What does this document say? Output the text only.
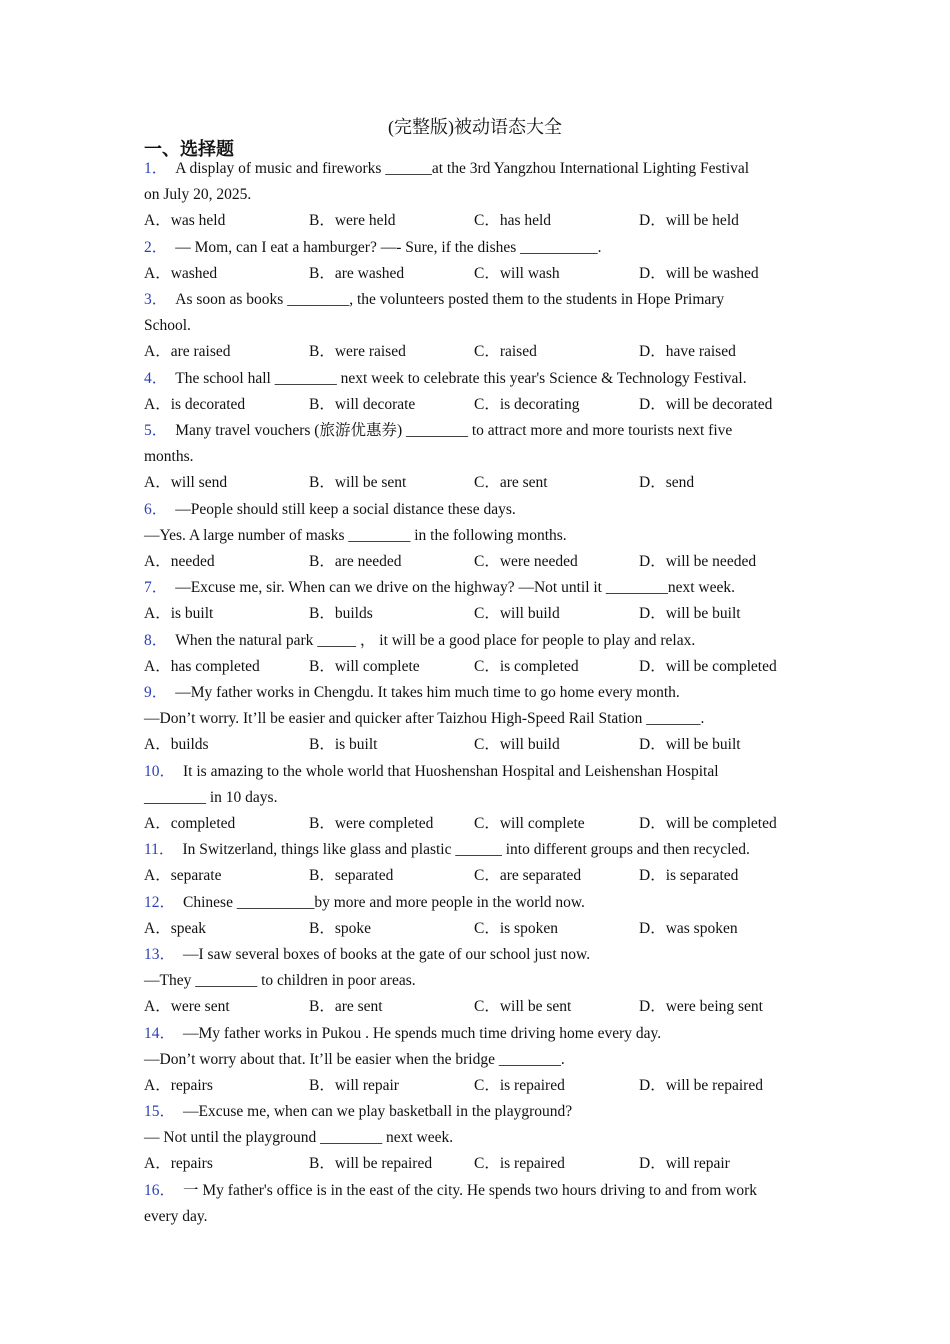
(完整版)被动语态大全
一、选择题
1． A display of music and fireworks ______at the 3rd Yangzhou International Lighting Festival
on July 20, 2025.
A．was held	B．were held	C．has held	D．will be held
2． — Mom, can I eat a hamburger? —- Sure, if the dishes __________.
A．washed	B．are washed	C．will wash	D．will be washed
3． As soon as books ________, the volunteers posted them to the students in Hope Primary
School.
A．are raised	B．were raised	C．raised	D．have raised
4． The school hall ________ next week to celebrate this year's Science & Technology Festival.
A．is decorated	B．will decorate	C．is decorating	D．will be decorated
5． Many travel vouchers (旅游优惠券) ________ to attract more and more tourists next five
months.
A．will send	B．will be sent	C．are sent	D．send
6． —People should still keep a social distance these days.
—Yes. A large number of masks ________ in the following months.
A．needed	B．are needed	C．were needed	D．will be needed
7． —Excuse me, sir. When can we drive on the highway? —Not until it ________next week.
A．is built	B．builds	C．will build	D．will be built
8． When the natural park _____ ， it will be a good place for people to play and relax.
A．has completed	B．will complete	C．is completed	D．will be completed
9． —My father works in Chengdu. It takes him much time to go home every month.
—Don’t worry. It’ll be easier and quicker after Taizhou High-Speed Rail Station _______.
A．builds	B．is built	C．will build	D．will be built
10． It is amazing to the whole world that Huoshenshan Hospital and Leishenshan Hospital
________ in 10 days.
A．completed	B．were completed	C．will complete	D．will be completed
11． In Switzerland, things like glass and plastic ______ into different groups and then recycled.
A．separate	B．separated	C．are separated	D．is separated
12． Chinese __________by more and more people in the world now.
A．speak	B．spoke	C．is spoken	D．was spoken
13． —I saw several boxes of books at the gate of our school just now.
—They ________ to children in poor areas.
A．were sent	B．are sent	C．will be sent	D．were being sent
14． —My father works in Pukou . He spends much time driving home every day.
—Don’t worry about that. It’ll be easier when the bridge ________.
A．repairs	B．will repair	C．is repaired	D．will be repaired
15． —Excuse me, when can we play basketball in the playground?
— Not until the playground ________ next week.
A．repairs	B．will be repaired	C．is repaired	D．will repair
16． 一 My father's office is in the east of the city. He spends two hours driving to and from work
every day.
